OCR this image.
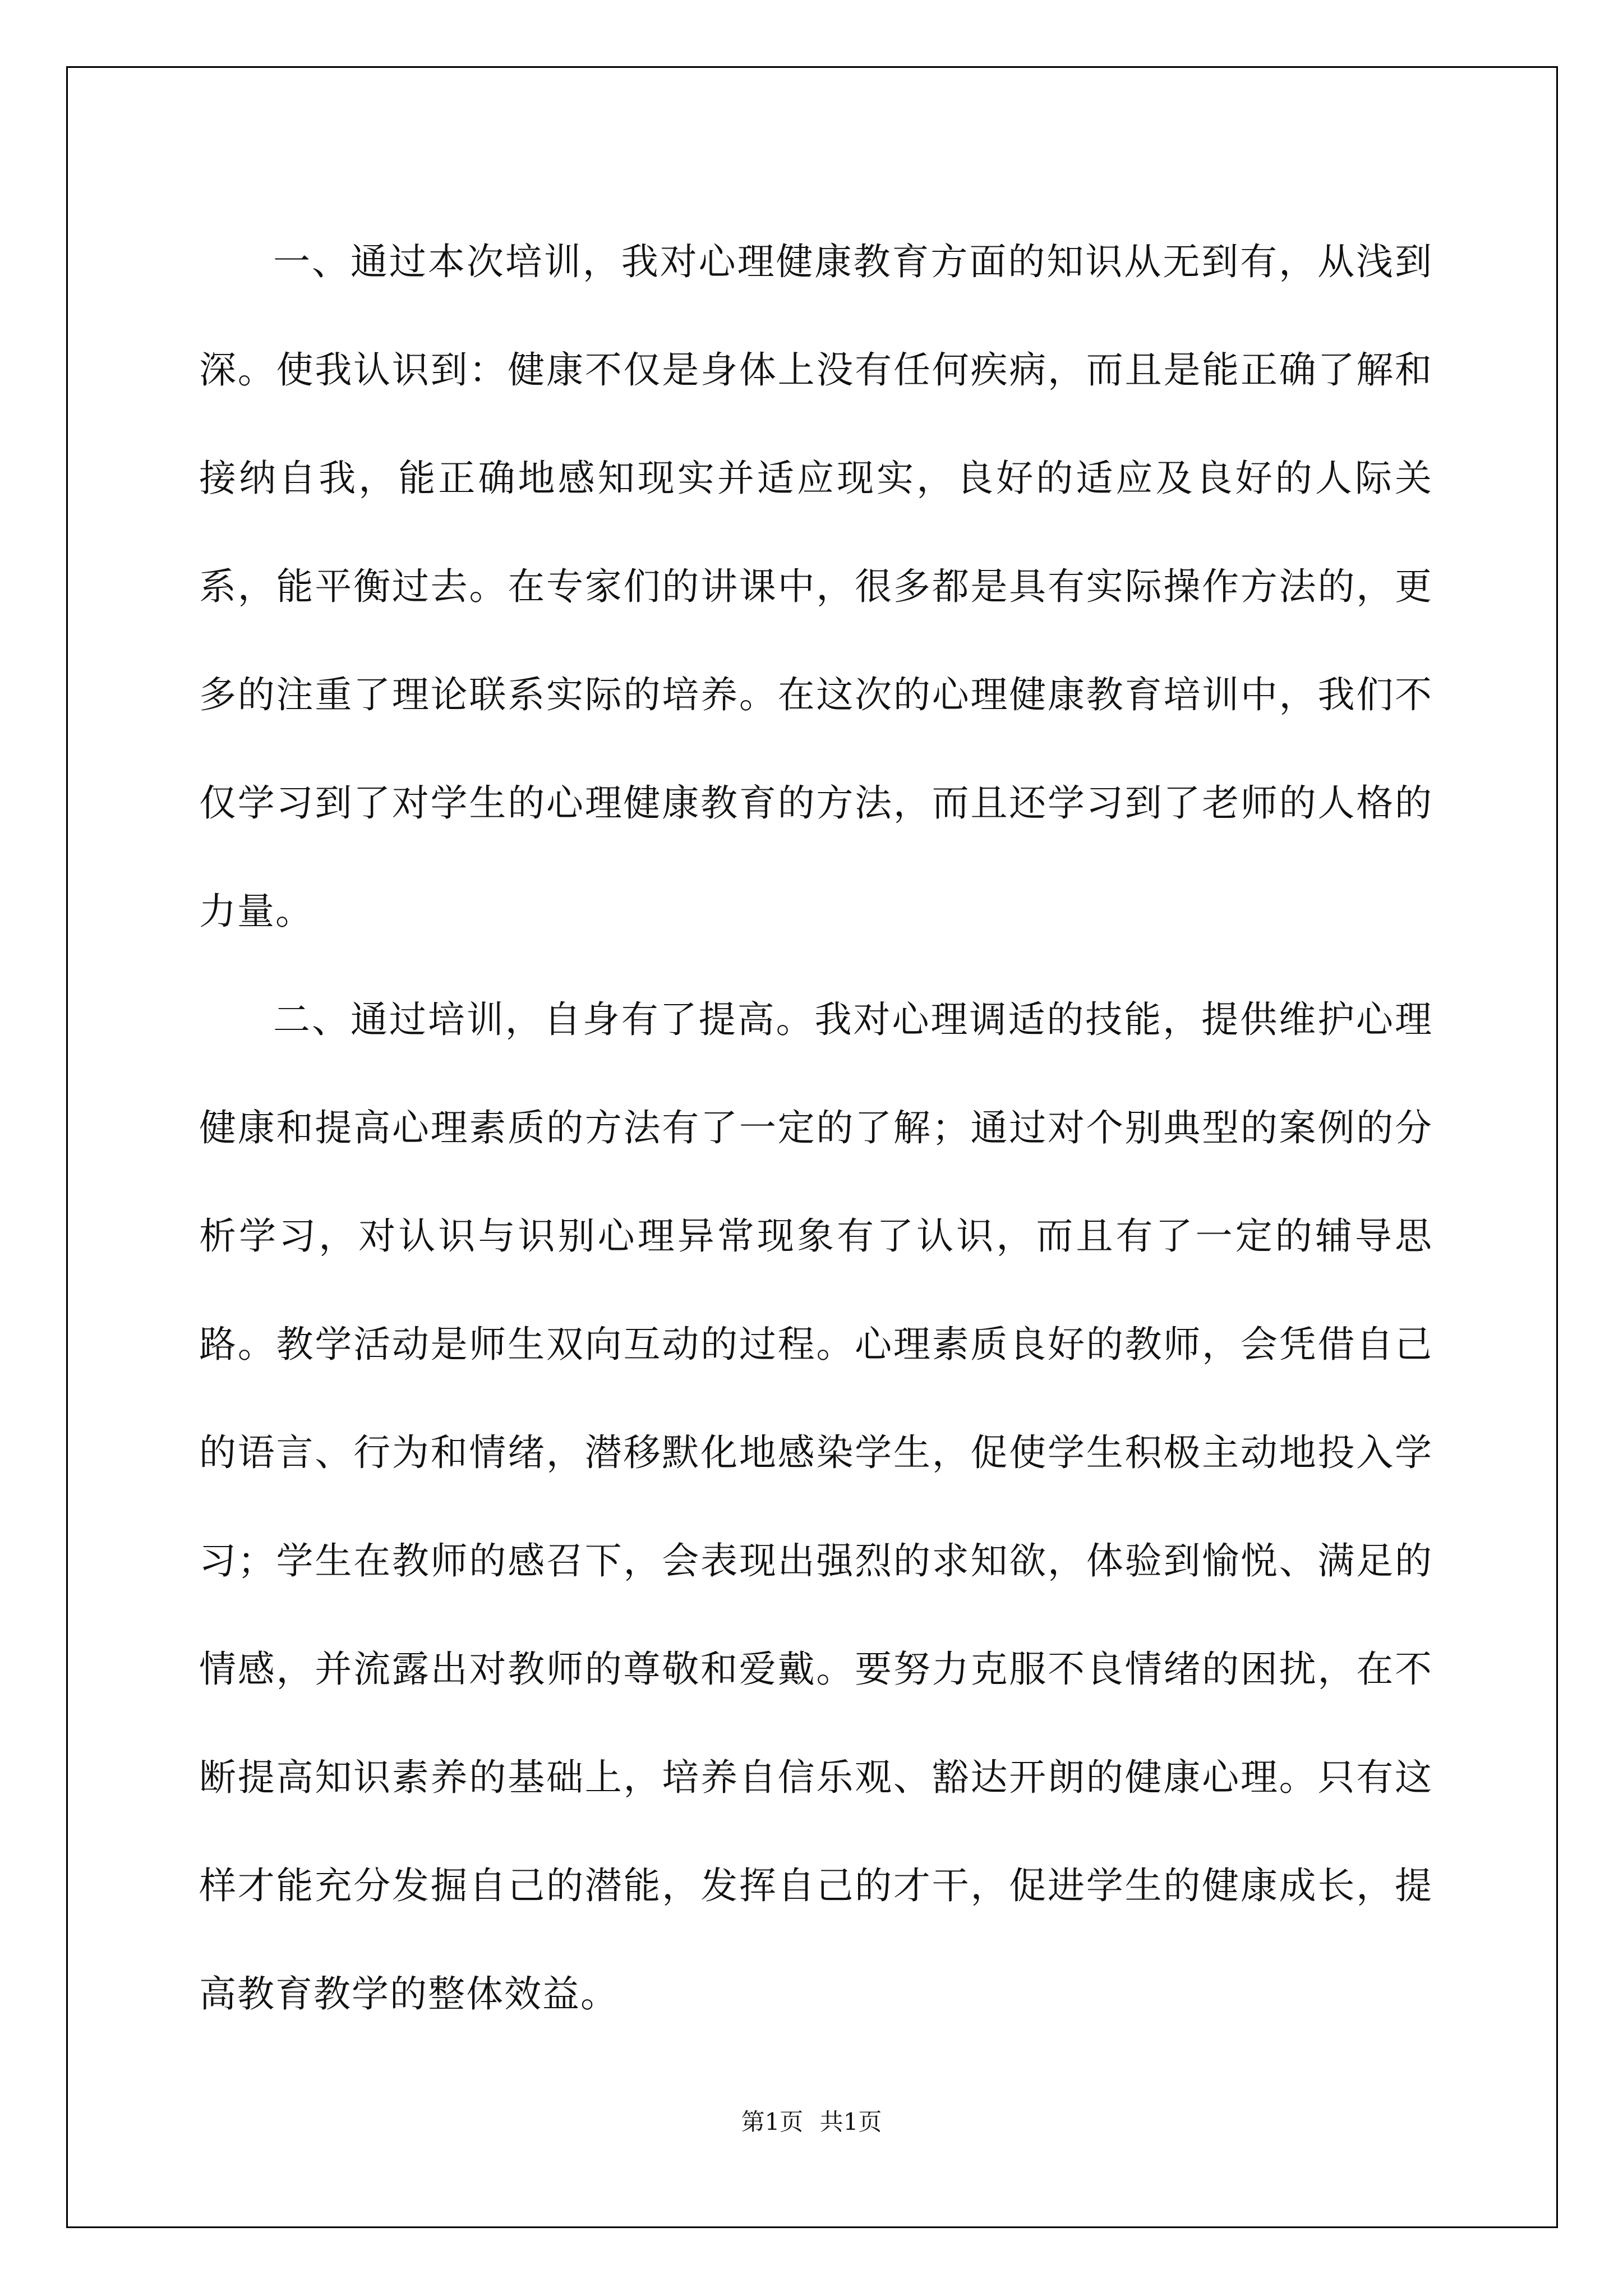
一、通过本次培训，我对心理健康教育方面的知识从无到有，从浅到深。使我认识到：健康不仅是身体上没有任何疾病，而且是能正确了解和接纳自我，能正确地感知现实并适应现实，良好的适应及良好的人际关系，能平衡过去。在专家们的讲课中，很多都是具有实际操作方法的，更多的注重了理论联系实际的培养。在这次的心理健康教育培训中，我们不仅学习到了对学生的心理健康教育的方法，而且还学习到了老师的人格的力量。

二、通过培训，自身有了提高。我对心理调适的技能，提供维护心理健康和提高心理素质的方法有了一定的了解；通过对个别典型的案例的分析学习，对认识与识别心理异常现象有了认识，而且有了一定的辅导思路。教学活动是师生双向互动的过程。心理素质良好的教师，会凭借自己的语言、行为和情绪，潜移默化地感染学生，促使学生积极主动地投入学习；学生在教师的感召下，会表现出强烈的求知欲，体验到愉悦、满足的情感，并流露出对教师的尊敬和爱戴。要努力克服不良情绪的困扰，在不断提高知识素养的基础上，培养自信乐观、豁达开朗的健康心理。只有这样才能充分发掘自己的潜能，发挥自己的才干，促进学生的健康成长，提高教育教学的整体效益。

第1页 共1页
